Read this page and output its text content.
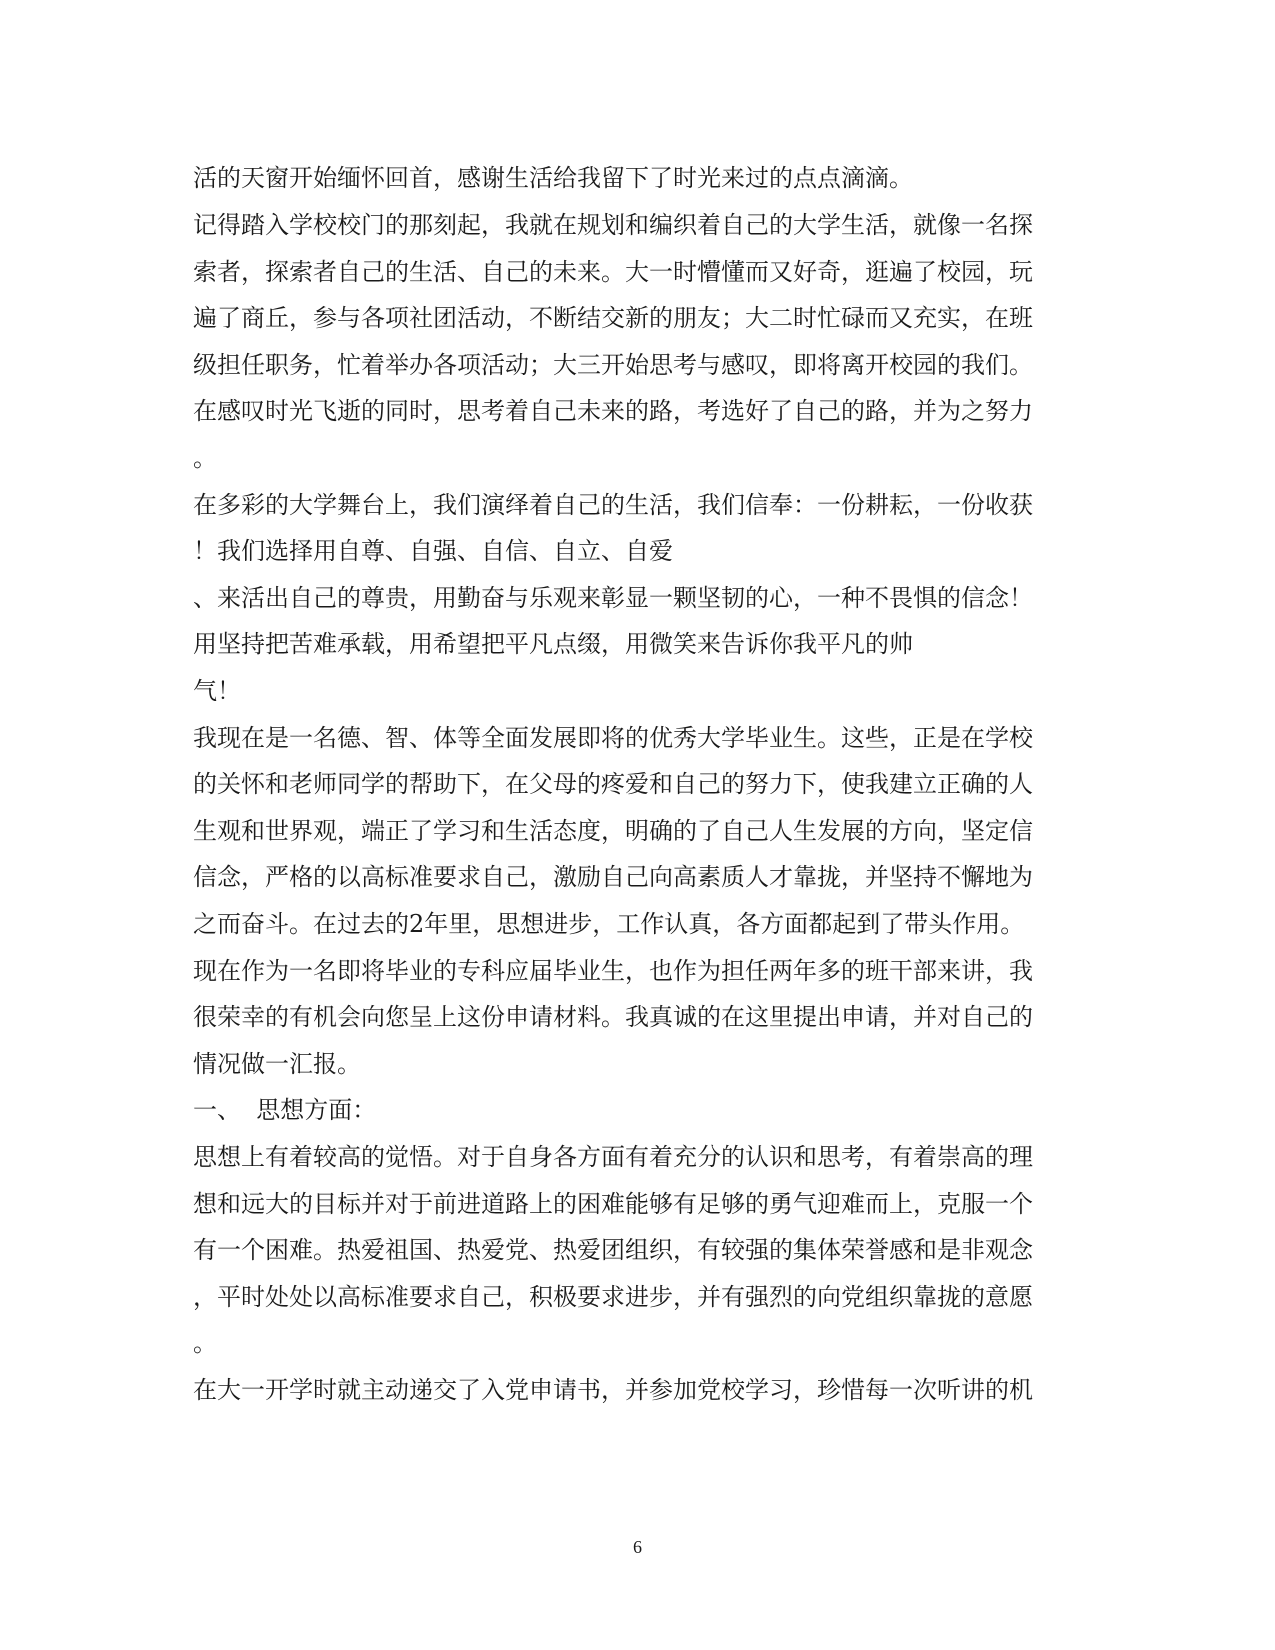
活的天窗开始缅怀回首，感谢生活给我留下了时光来过的点点滴滴。
记得踏入学校校门的那刻起，我就在规划和编织着自己的大学生活，就像一名探
索者，探索者自己的生活、自己的未来。大一时懵懂而又好奇，逛遍了校园，玩
遍了商丘，参与各项社团活动，不断结交新的朋友；大二时忙碌而又充实，在班
级担任职务，忙着举办各项活动；大三开始思考与感叹，即将离开校园的我们。
在感叹时光飞逝的同时，思考着自己未来的路，考选好了自己的路，并为之努力
。
在多彩的大学舞台上，我们演绎着自己的生活，我们信奉：一份耕耘，一份收获
！我们选择用自尊、自强、自信、自立、自爱
、来活出自己的尊贵，用勤奋与乐观来彰显一颗坚韧的心，一种不畏惧的信念！
用坚持把苦难承载，用希望把平凡点缀，用微笑来告诉你我平凡的帅
气！
我现在是一名德、智、体等全面发展即将的优秀大学毕业生。这些，正是在学校
的关怀和老师同学的帮助下，在父母的疼爱和自己的努力下，使我建立正确的人
生观和世界观，端正了学习和生活态度，明确的了自己人生发展的方向，坚定信
信念，严格的以高标准要求自己，激励自己向高素质人才靠拢，并坚持不懈地为
之而奋斗。在过去的2年里，思想进步，工作认真，各方面都起到了带头作用。
现在作为一名即将毕业的专科应届毕业生，也作为担任两年多的班干部来讲，我
很荣幸的有机会向您呈上这份申请材料。我真诚的在这里提出申请，并对自己的
情况做一汇报。
一、  思想方面：
思想上有着较高的觉悟。对于自身各方面有着充分的认识和思考，有着崇高的理
想和远大的目标并对于前进道路上的困难能够有足够的勇气迎难而上，克服一个
有一个困难。热爱祖国、热爱党、热爱团组织，有较强的集体荣誉感和是非观念
，平时处处以高标准要求自己，积极要求进步，并有强烈的向党组织靠拢的意愿
。
在大一开学时就主动递交了入党申请书，并参加党校学习，珍惜每一次听讲的机
6
